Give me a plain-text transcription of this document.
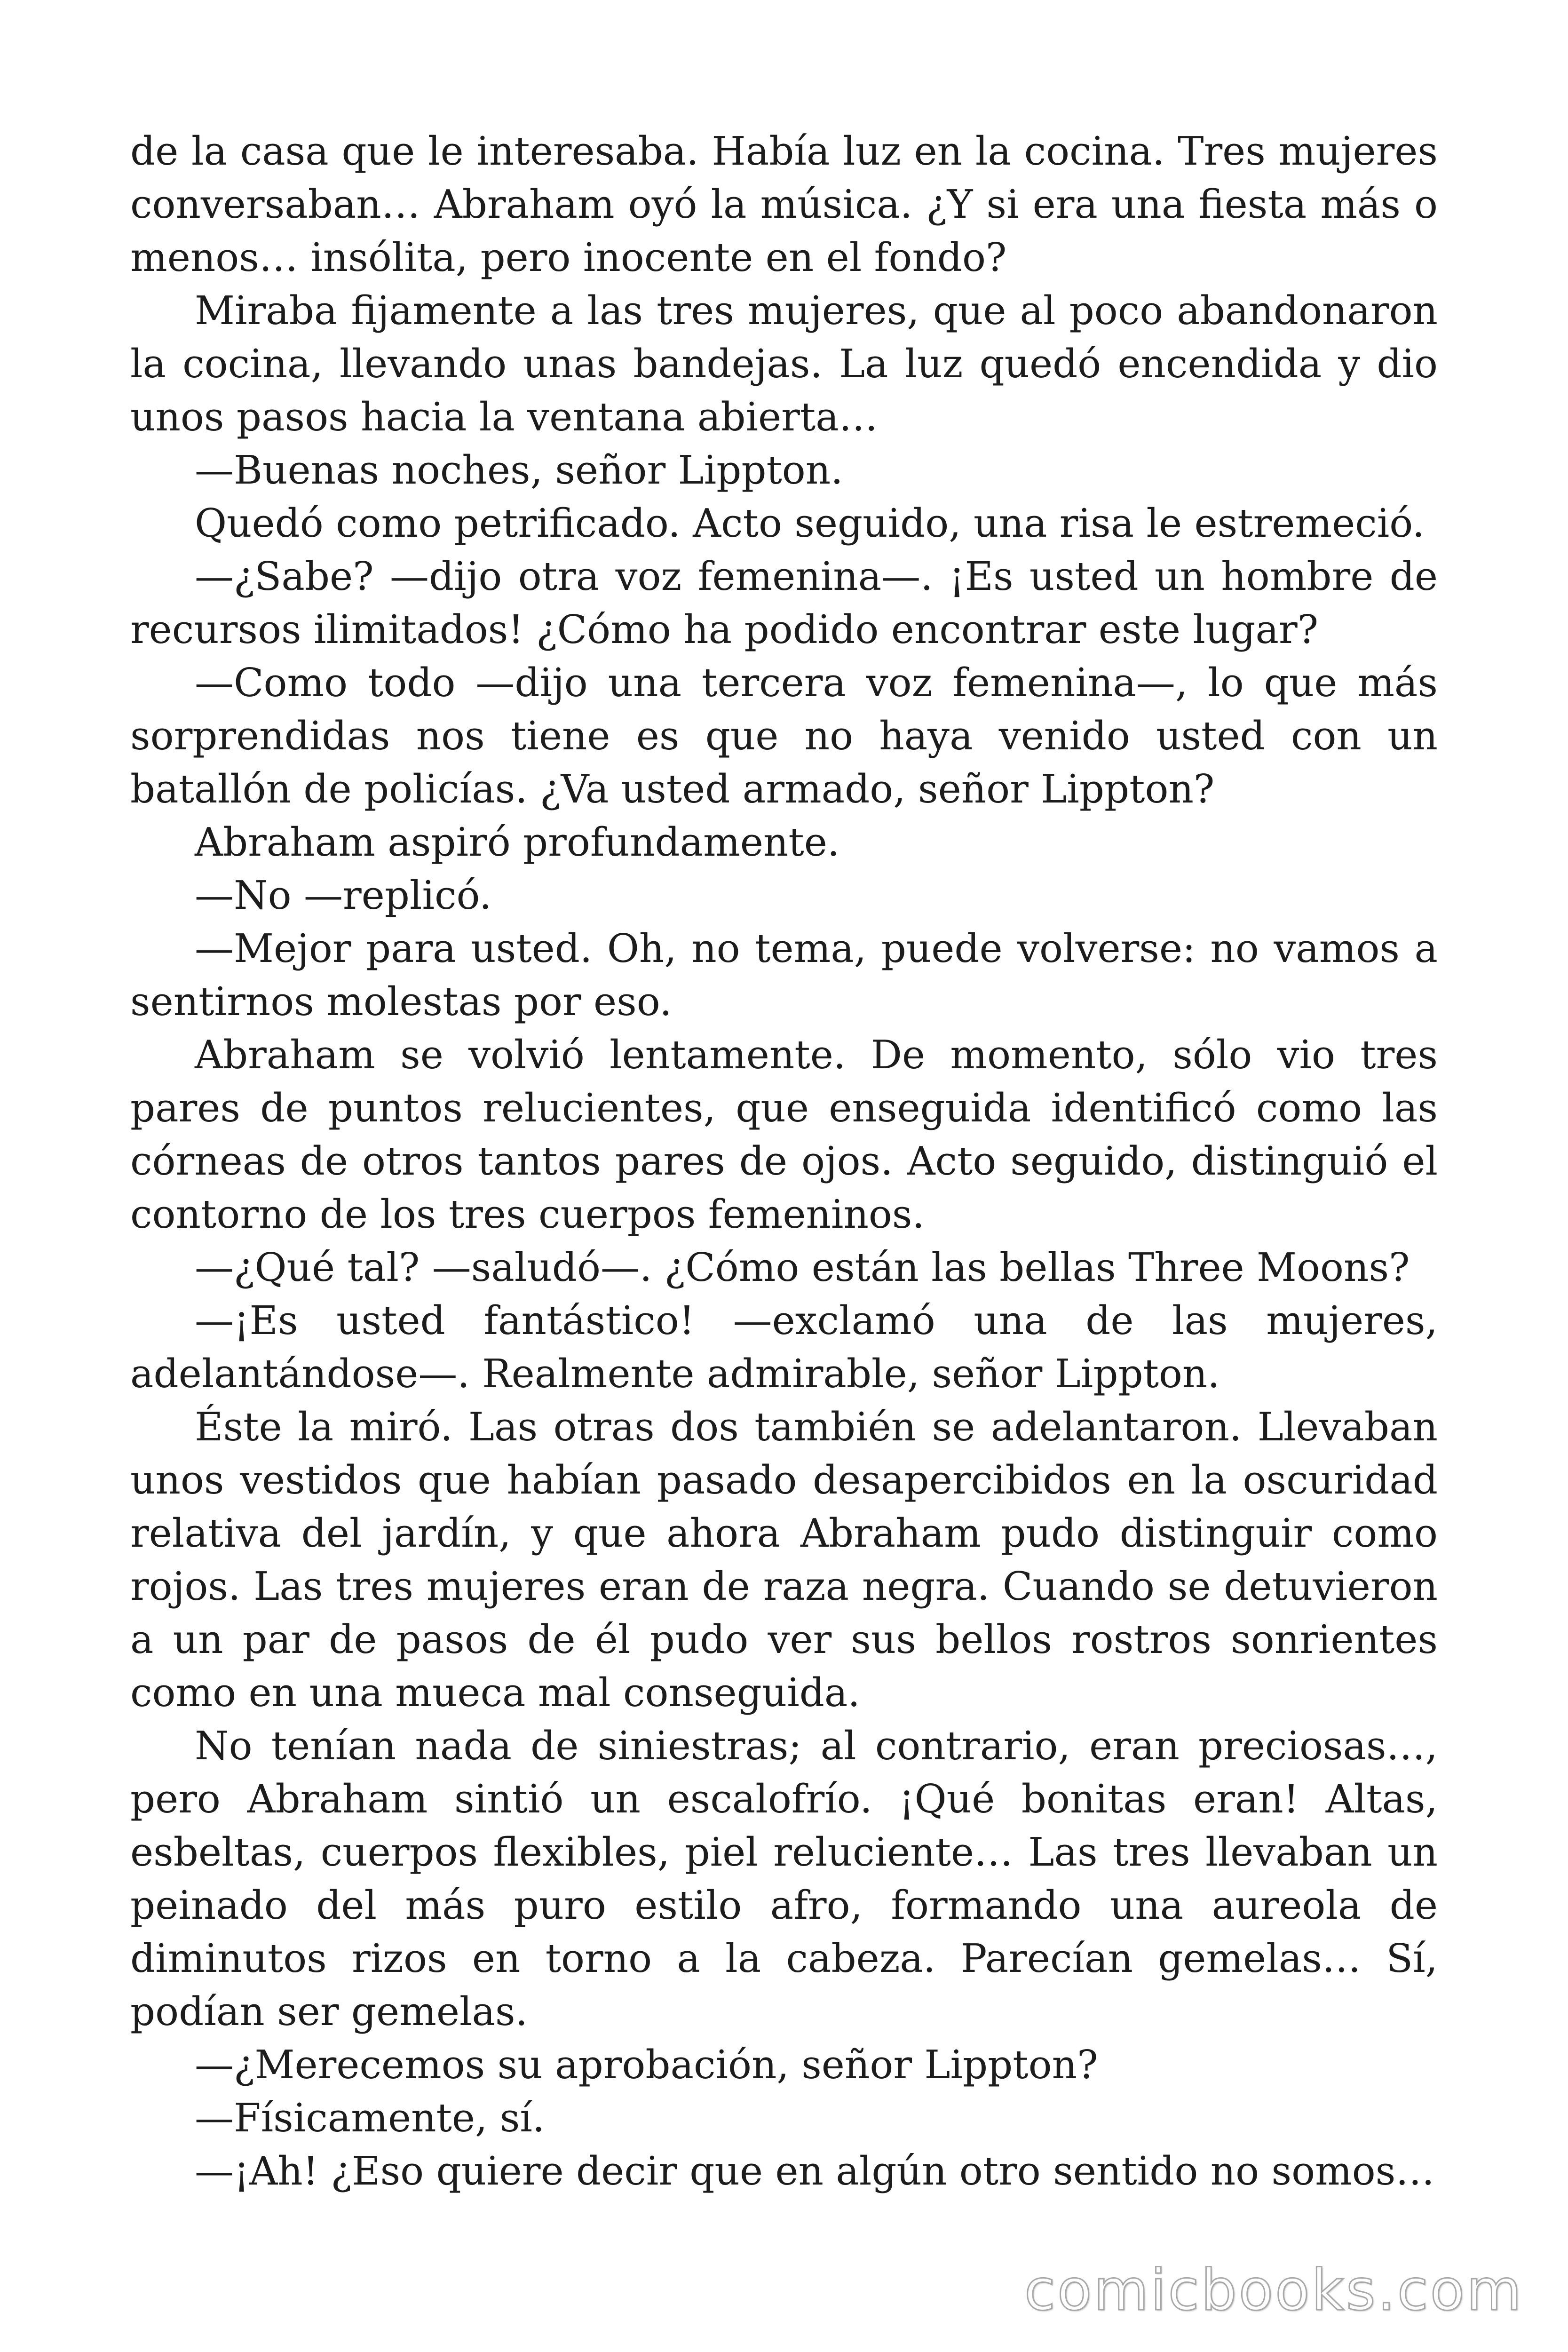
de la casa que le interesaba. Había luz en la cocina. Tres mujeres conversaban… Abraham oyó la música. ¿Y si era una fiesta más o menos… insólita, pero inocente en el fondo?

Miraba fijamente a las tres mujeres, que al poco abandonaron la cocina, llevando unas bandejas. La luz quedó encendida y dio unos pasos hacia la ventana abierta…

—Buenas noches, señor Lippton.

Quedó como petrificado. Acto seguido, una risa le estremeció.

—¿Sabe? —dijo otra voz femenina—. ¡Es usted un hombre de recursos ilimitados! ¿Cómo ha podido encontrar este lugar?

—Como todo —dijo una tercera voz femenina—, lo que más sorprendidas nos tiene es que no haya venido usted con un batallón de policías. ¿Va usted armado, señor Lippton?

Abraham aspiró profundamente.

—No —replicó.

—Mejor para usted. Oh, no tema, puede volverse: no vamos a sentirnos molestas por eso.

Abraham se volvió lentamente. De momento, sólo vio tres pares de puntos relucientes, que enseguida identificó como las córneas de otros tantos pares de ojos. Acto seguido, distinguió el contorno de los tres cuerpos femeninos.

—¿Qué tal? —saludó—. ¿Cómo están las bellas Three Moons?

—¡Es usted fantástico! —exclamó una de las mujeres, adelantándose—. Realmente admirable, señor Lippton.

Éste la miró. Las otras dos también se adelantaron. Llevaban unos vestidos que habían pasado desapercibidos en la oscuridad relativa del jardín, y que ahora Abraham pudo distinguir como rojos. Las tres mujeres eran de raza negra. Cuando se detuvieron a un par de pasos de él pudo ver sus bellos rostros sonrientes como en una mueca mal conseguida.

No tenían nada de siniestras; al contrario, eran preciosas…, pero Abraham sintió un escalofrío. ¡Qué bonitas eran! Altas, esbeltas, cuerpos flexibles, piel reluciente… Las tres llevaban un peinado del más puro estilo afro, formando una aureola de diminutos rizos en torno a la cabeza. Parecían gemelas… Sí, podían ser gemelas.

—¿Merecemos su aprobación, señor Lippton?

—Físicamente, sí.

—¡Ah! ¿Eso quiere decir que en algún otro sentido no somos…

comicbooks.com
